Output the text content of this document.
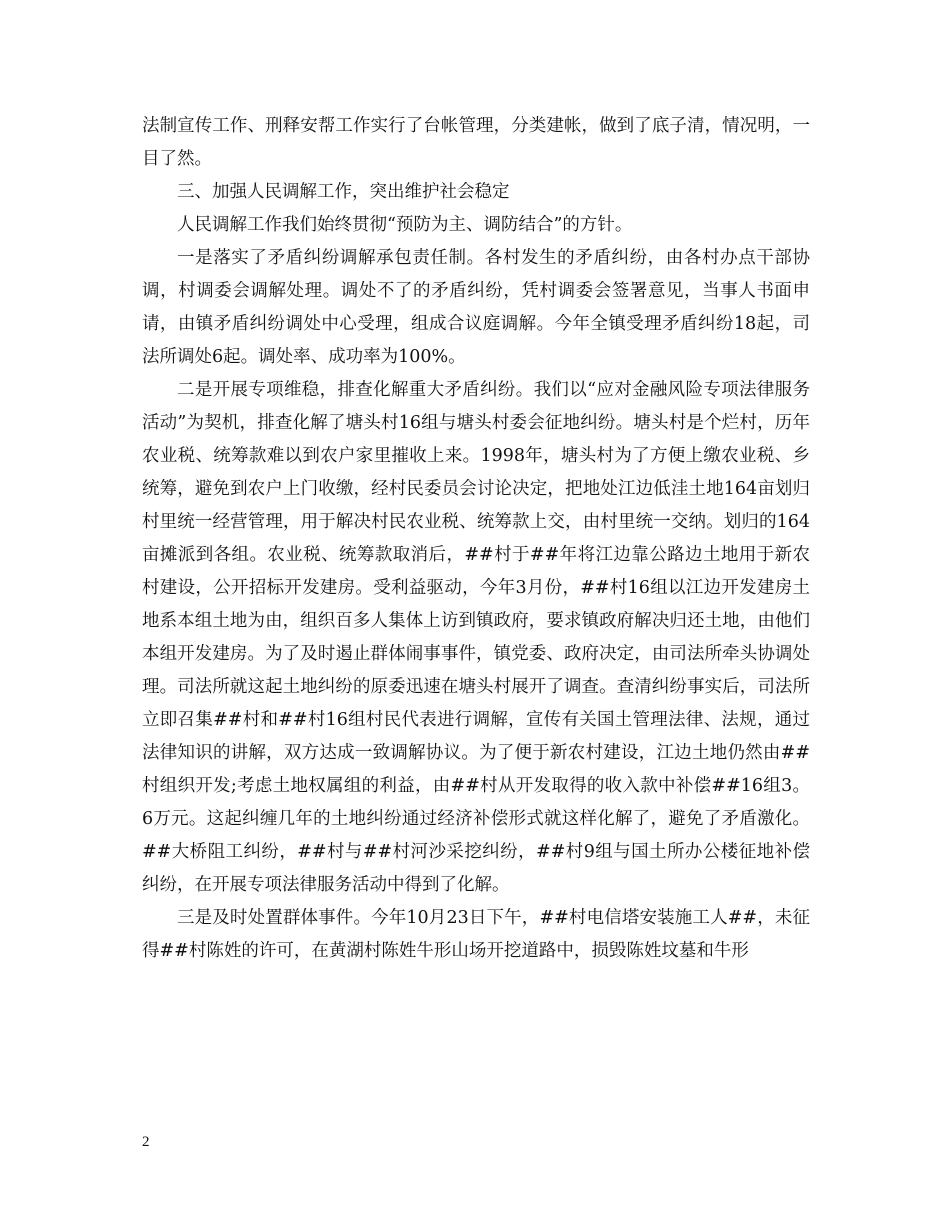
法制宣传工作、刑释安帮工作实行了台帐管理，分类建帐，做到了底子清，情况明，一目了然。

三、加强人民调解工作，突出维护社会稳定

人民调解工作我们始终贯彻“预防为主、调防结合”的方针。

一是落实了矛盾纠纷调解承包责任制。各村发生的矛盾纠纷，由各村办点干部协调，村调委会调解处理。调处不了的矛盾纠纷，凭村调委会签署意见，当事人书面申请，由镇矛盾纠纷调处中心受理，组成合议庭调解。今年全镇受理矛盾纠纷18起，司法所调处6起。调处率、成功率为100%。

二是开展专项维稳，排查化解重大矛盾纠纷。我们以“应对金融风险专项法律服务活动”为契机，排查化解了塘头村16组与塘头村委会征地纠纷。塘头村是个烂村，历年农业税、统筹款难以到农户家里摧收上来。1998年，塘头村为了方便上缴农业税、乡统筹，避免到农户上门收缴，经村民委员会讨论决定，把地处江边低洼土地164亩划归村里统一经营管理，用于解决村民农业税、统筹款上交，由村里统一交纳。划归的164亩摊派到各组。农业税、统筹款取消后，##村于##年将江边靠公路边土地用于新农村建设，公开招标开发建房。受利益驱动，今年3月份，##村16组以江边开发建房土地系本组土地为由，组织百多人集体上访到镇政府，要求镇政府解决归还土地，由他们本组开发建房。为了及时遏止群体闹事事件，镇党委、政府决定，由司法所牵头协调处理。司法所就这起土地纠纷的原委迅速在塘头村展开了调查。查清纠纷事实后，司法所立即召集##村和##村16组村民代表进行调解，宣传有关国土管理法律、法规，通过法律知识的讲解，双方达成一致调解协议。为了便于新农村建设，江边土地仍然由##村组织开发;考虑土地权属组的利益，由##村从开发取得的收入款中补偿##16组3。6万元。这起纠缠几年的土地纠纷通过经济补偿形式就这样化解了，避免了矛盾激化。##大桥阻工纠纷，##村与##村河沙采挖纠纷，##村9组与国土所办公楼征地补偿纠纷，在开展专项法律服务活动中得到了化解。

三是及时处置群体事件。今年10月23日下午，##村电信塔安装施工人##，未征得##村陈姓的许可，在黄湖村陈姓牛形山场开挖道路中，损毁陈姓坟墓和牛形

2
